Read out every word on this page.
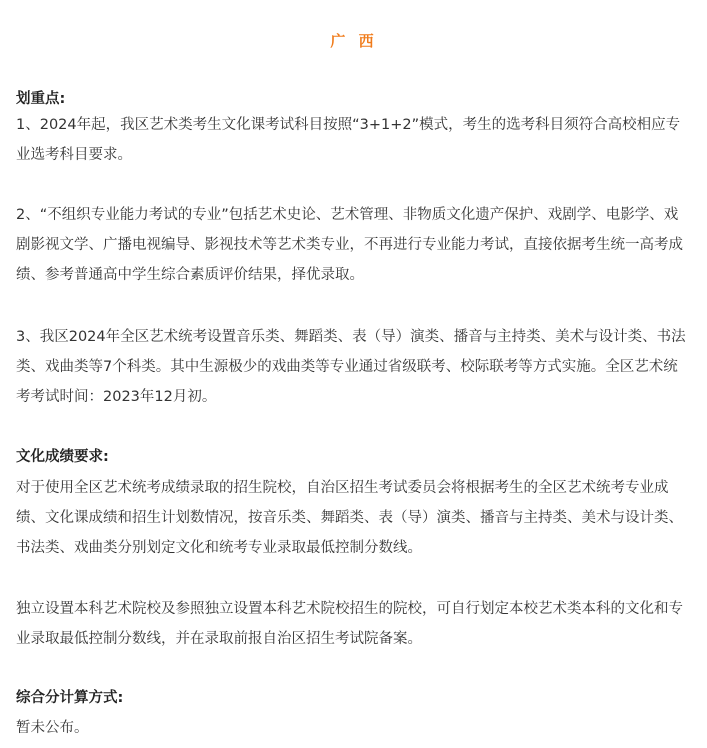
广 西

划重点:

1、2024年起，我区艺术类考生文化课考试科目按照“3+1+2”模式，考生的选考科目须符合高校相应专业选考科目要求。

2、“不组织专业能力考试的专业”包括艺术史论、艺术管理、非物质文化遗产保护、戏剧学、电影学、戏剧影视文学、广播电视编导、影视技术等艺术类专业，不再进行专业能力考试，直接依据考生统一高考成绩、参考普通高中学生综合素质评价结果，择优录取。

3、我区2024年全区艺术统考设置音乐类、舞蹈类、表（导）演类、播音与主持类、美术与设计类、书法类、戏曲类等7个科类。其中生源极少的戏曲类等专业通过省级联考、校际联考等方式实施。全区艺术统考考试时间：2023年12月初。

文化成绩要求:

对于使用全区艺术统考成绩录取的招生院校，自治区招生考试委员会将根据考生的全区艺术统考专业成绩、文化课成绩和招生计划数情况，按音乐类、舞蹈类、表（导）演类、播音与主持类、美术与设计类、书法类、戏曲类分别划定文化和统考专业录取最低控制分数线。

独立设置本科艺术院校及参照独立设置本科艺术院校招生的院校，可自行划定本校艺术类本科的文化和专业录取最低控制分数线，并在录取前报自治区招生考试院备案。

综合分计算方式:

暂未公布。
